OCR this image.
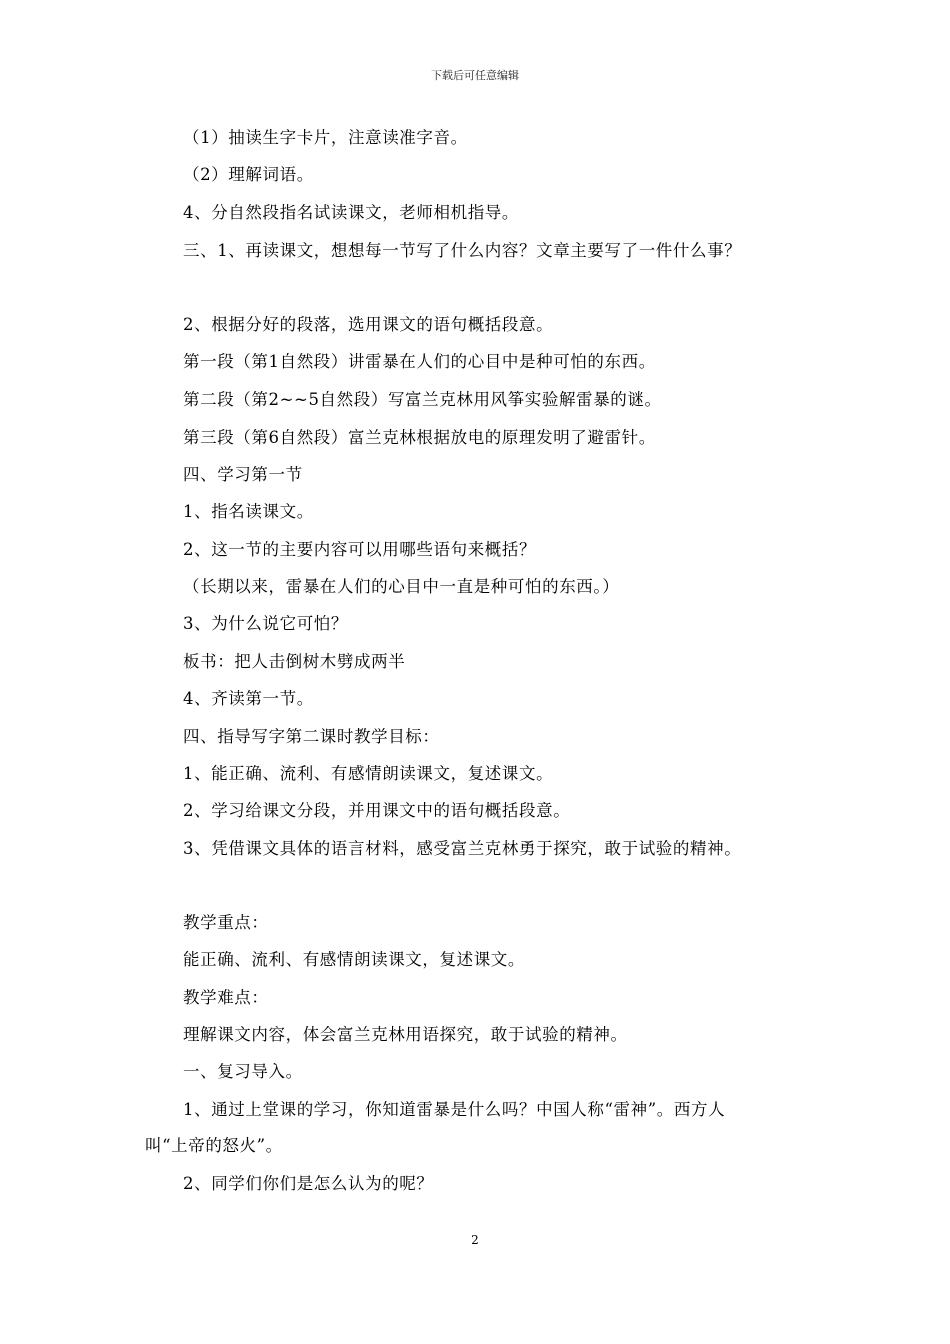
下载后可任意编辑
（1）抽读生字卡片，注意读准字音。
（2）理解词语。
4、分自然段指名试读课文，老师相机指导。
三、1、再读课文，想想每一节写了什么内容？文章主要写了一件什么事？
2、根据分好的段落，选用课文的语句概括段意。
第一段（第1自然段）讲雷暴在人们的心目中是种可怕的东西。
第二段（第2~~5自然段）写富兰克林用风筝实验解雷暴的谜。
第三段（第6自然段）富兰克林根据放电的原理发明了避雷针。
四、学习第一节
1、指名读课文。
2、这一节的主要内容可以用哪些语句来概括？
（长期以来，雷暴在人们的心目中一直是种可怕的东西。）
3、为什么说它可怕？
板书：把人击倒树木劈成两半
4、齐读第一节。
四、指导写字第二课时教学目标：
1、能正确、流利、有感情朗读课文，复述课文。
2、学习给课文分段，并用课文中的语句概括段意。
3、凭借课文具体的语言材料，感受富兰克林勇于探究，敢于试验的精神。
教学重点：
能正确、流利、有感情朗读课文，复述课文。
教学难点：
理解课文内容，体会富兰克林用语探究，敢于试验的精神。
一、复习导入。
1、通过上堂课的学习，你知道雷暴是什么吗？中国人称“雷神”。西方人
叫“上帝的怒火”。
2、同学们你们是怎么认为的呢？
2
